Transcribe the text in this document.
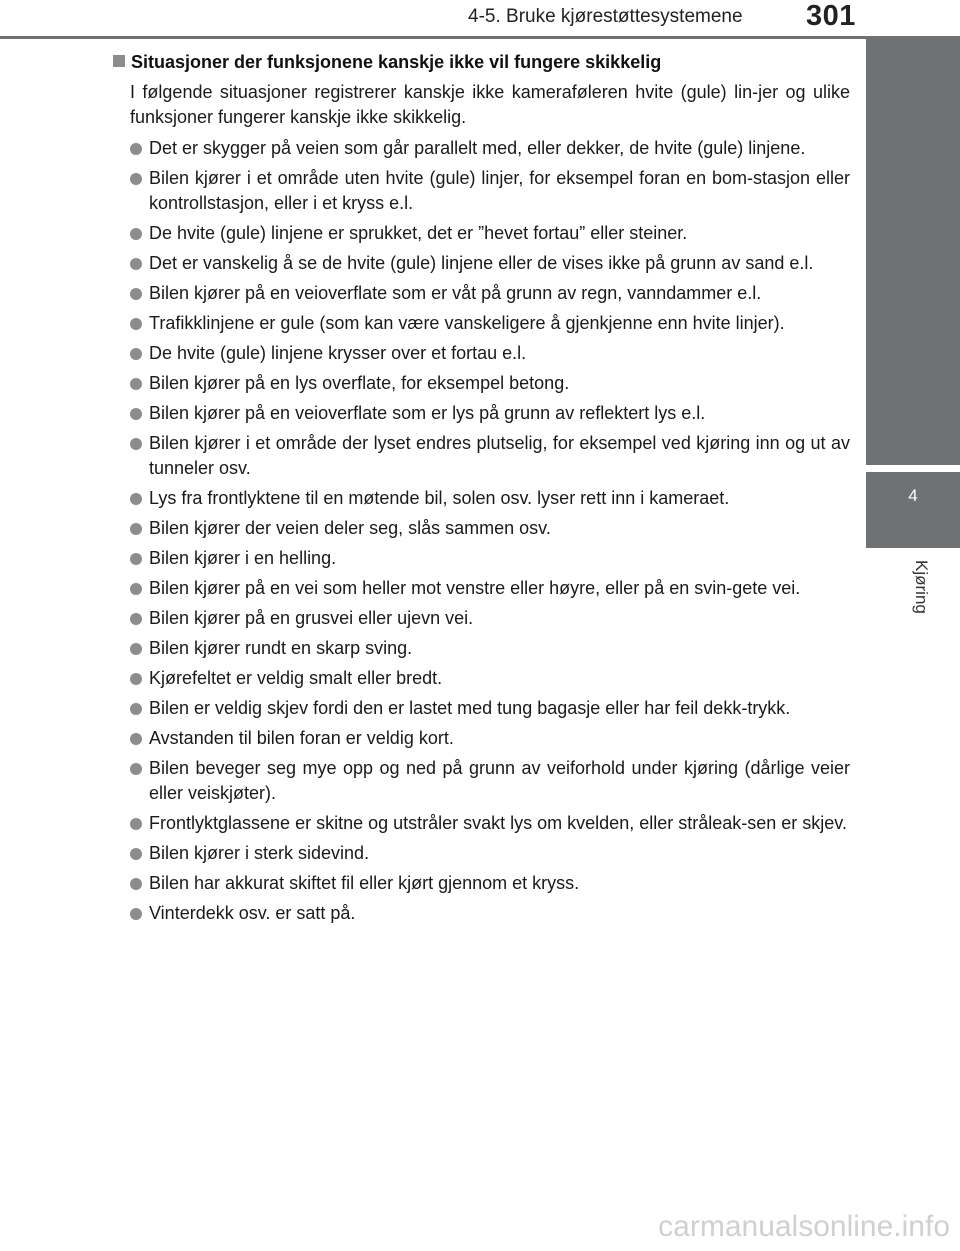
4-5. Bruke kjørestøttesystemene 301
4
Kjøring
Situasjoner der funksjonene kanskje ikke vil fungere skikkelig
I følgende situasjoner registrerer kanskje ikke kameraføleren hvite (gule) lin-jer og ulike funksjoner fungerer kanskje ikke skikkelig.
Det er skygger på veien som går parallelt med, eller dekker, de hvite (gule) linjene.
Bilen kjører i et område uten hvite (gule) linjer, for eksempel foran en bom-stasjon eller kontrollstasjon, eller i et kryss e.l.
De hvite (gule) linjene er sprukket, det er ”hevet fortau” eller steiner.
Det er vanskelig å se de hvite (gule) linjene eller de vises ikke på grunn av sand e.l.
Bilen kjører på en veioverflate som er våt på grunn av regn, vanndammer e.l.
Trafikklinjene er gule (som kan være vanskeligere å gjenkjenne enn hvite linjer).
De hvite (gule) linjene krysser over et fortau e.l.
Bilen kjører på en lys overflate, for eksempel betong.
Bilen kjører på en veioverflate som er lys på grunn av reflektert lys e.l.
Bilen kjører i et område der lyset endres plutselig, for eksempel ved kjøring inn og ut av tunneler osv.
Lys fra frontlyktene til en møtende bil, solen osv. lyser rett inn i kameraet.
Bilen kjører der veien deler seg, slås sammen osv.
Bilen kjører i en helling.
Bilen kjører på en vei som heller mot venstre eller høyre, eller på en svin-gete vei.
Bilen kjører på en grusvei eller ujevn vei.
Bilen kjører rundt en skarp sving.
Kjørefeltet er veldig smalt eller bredt.
Bilen er veldig skjev fordi den er lastet med tung bagasje eller har feil dekk-trykk.
Avstanden til bilen foran er veldig kort.
Bilen beveger seg mye opp og ned på grunn av veiforhold under kjøring (dårlige veier eller veiskjøter).
Frontlyktglassene er skitne og utstråler svakt lys om kvelden, eller stråleak-sen er skjev.
Bilen kjører i sterk sidevind.
Bilen har akkurat skiftet fil eller kjørt gjennom et kryss.
Vinterdekk osv. er satt på.
carmanualsonline.info
